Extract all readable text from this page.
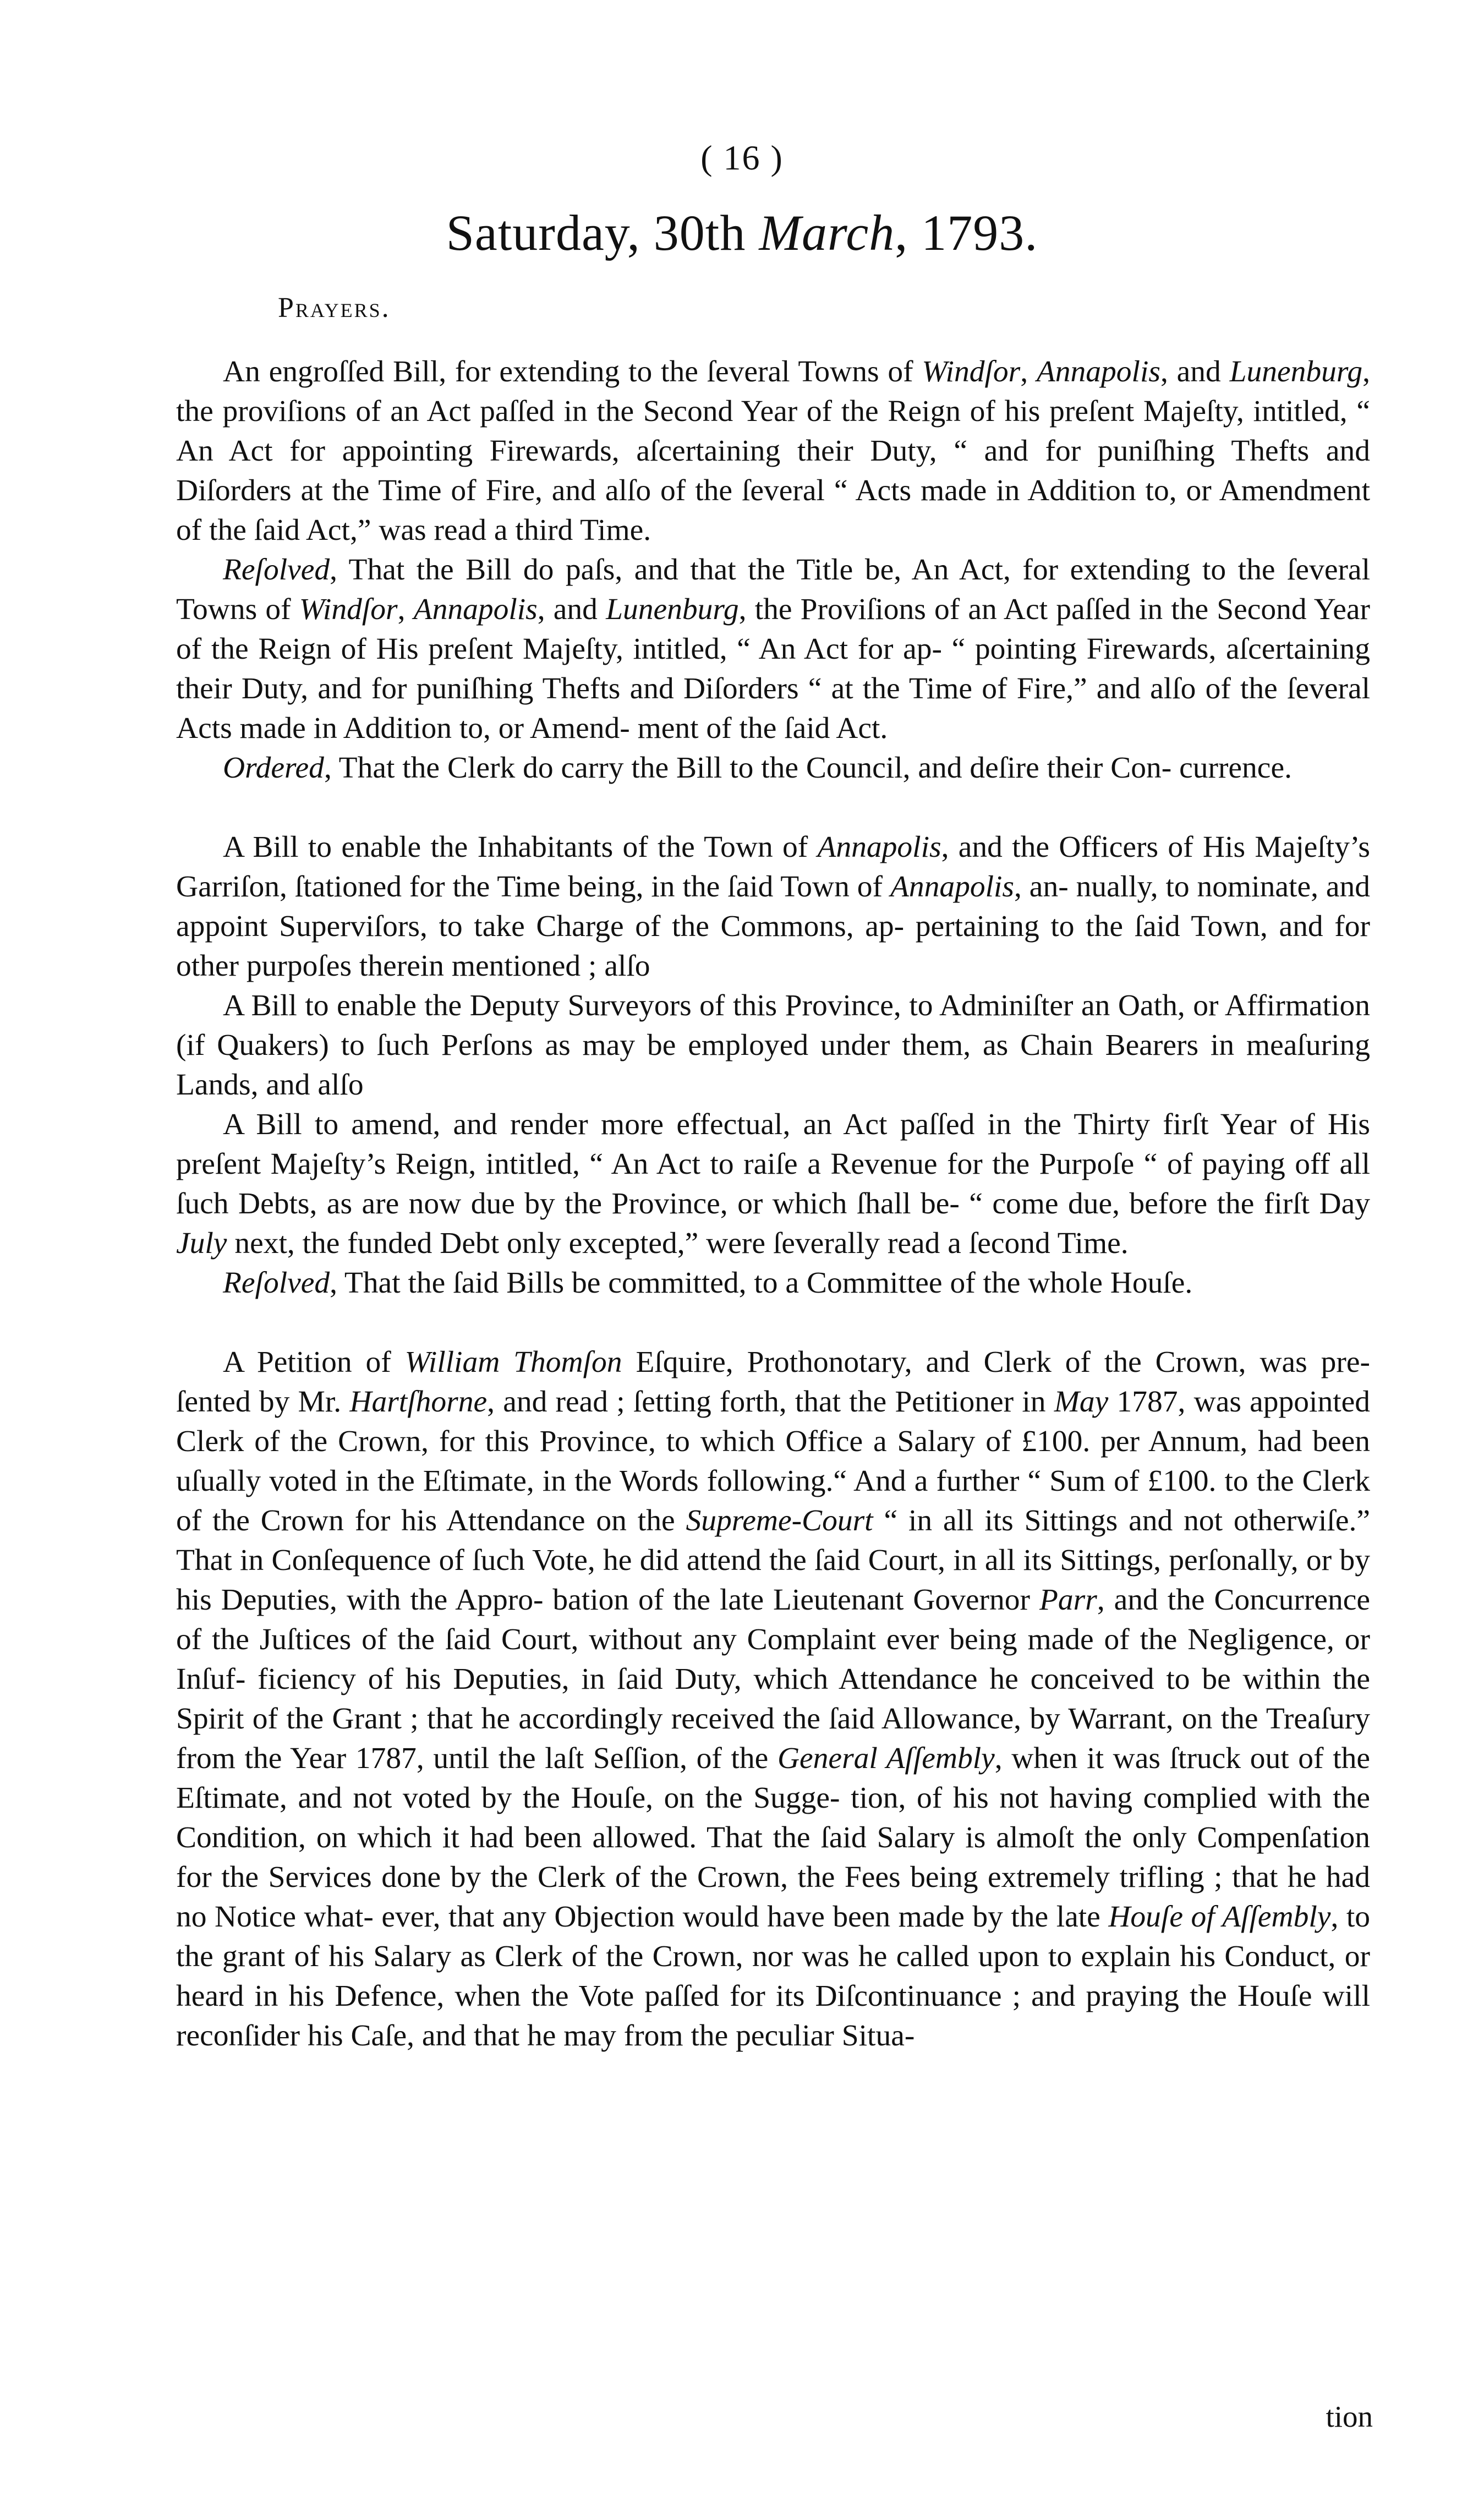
( 16 )
Saturday, 30th March, 1793.
Prayers.

An engroſſed Bill, for extending to the ſeveral Towns of Windſor, Annapolis, and Lunenburg, the proviſions of an Act paſſed in the Second Year of the Reign of his preſent Majeſty, intitled, “ An Act for appointing Firewards, aſcertaining their Duty, “ and for puniſhing Thefts and Diſorders at the Time of Fire, and alſo of the ſeveral “ Acts made in Addition to, or Amendment of the ſaid Act,” was read a third Time.

Reſolved, That the Bill do paſs, and that the Title be, An Act, for extending to the ſeveral Towns of Windſor, Annapolis, and Lunenburg, the Proviſions of an Act paſſed in the Second Year of the Reign of His preſent Majeſty, intitled, “ An Act for ap- “ pointing Firewards, aſcertaining their Duty, and for puniſhing Thefts and Diſorders “ at the Time of Fire,” and alſo of the ſeveral Acts made in Addition to, or Amend- ment of the ſaid Act.

Ordered, That the Clerk do carry the Bill to the Council, and deſire their Con- currence.

A Bill to enable the Inhabitants of the Town of Annapolis, and the Officers of His Majeſty’s Garriſon, ſtationed for the Time being, in the ſaid Town of Annapolis, an- nually, to nominate, and appoint Superviſors, to take Charge of the Commons, ap- pertaining to the ſaid Town, and for other purpoſes therein mentioned ; alſo

A Bill to enable the Deputy Surveyors of this Province, to Adminiſter an Oath, or Affirmation (if Quakers) to ſuch Perſons as may be employed under them, as Chain Bearers in meaſuring Lands, and alſo

A Bill to amend, and render more effectual, an Act paſſed in the Thirty firſt Year of His preſent Majeſty’s Reign, intitled, “ An Act to raiſe a Revenue for the Purpoſe “ of paying off all ſuch Debts, as are now due by the Province, or which ſhall be- “ come due, before the firſt Day July next, the funded Debt only excepted,” were ſeverally read a ſecond Time.

Reſolved, That the ſaid Bills be committed, to a Committee of the whole Houſe.

A Petition of William Thomſon Eſquire, Prothonotary, and Clerk of the Crown, was pre- ſented by Mr. Hartſhorne, and read ; ſetting forth, that the Petitioner in May 1787, was appointed Clerk of the Crown, for this Province, to which Office a Salary of £100. per Annum, had been uſually voted in the Eſtimate, in the Words following.“ And a further “ Sum of £100. to the Clerk of the Crown for his Attendance on the Supreme-Court “ in all its Sittings and not otherwiſe.” That in Conſequence of ſuch Vote, he did attend the ſaid Court, in all its Sittings, perſonally, or by his Deputies, with the Appro- bation of the late Lieutenant Governor Parr, and the Concurrence of the Juſtices of the ſaid Court, without any Complaint ever being made of the Negligence, or Inſuf- ficiency of his Deputies, in ſaid Duty, which Attendance he conceived to be within the Spirit of the Grant ; that he accordingly received the ſaid Allowance, by Warrant, on the Treaſury from the Year 1787, until the laſt Seſſion, of the General Aſſembly, when it was ſtruck out of the Eſtimate, and not voted by the Houſe, on the Sugge- tion, of his not having complied with the Condition, on which it had been allowed. That the ſaid Salary is almoſt the only Compenſation for the Services done by the Clerk of the Crown, the Fees being extremely trifling ; that he had no Notice what- ever, that any Objection would have been made by the late Houſe of Aſſembly, to the grant of his Salary as Clerk of the Crown, nor was he called upon to explain his Conduct, or heard in his Defence, when the Vote paſſed for its Diſcontinuance ; and praying the Houſe will reconſider his Caſe, and that he may from the peculiar Situa-

tion
